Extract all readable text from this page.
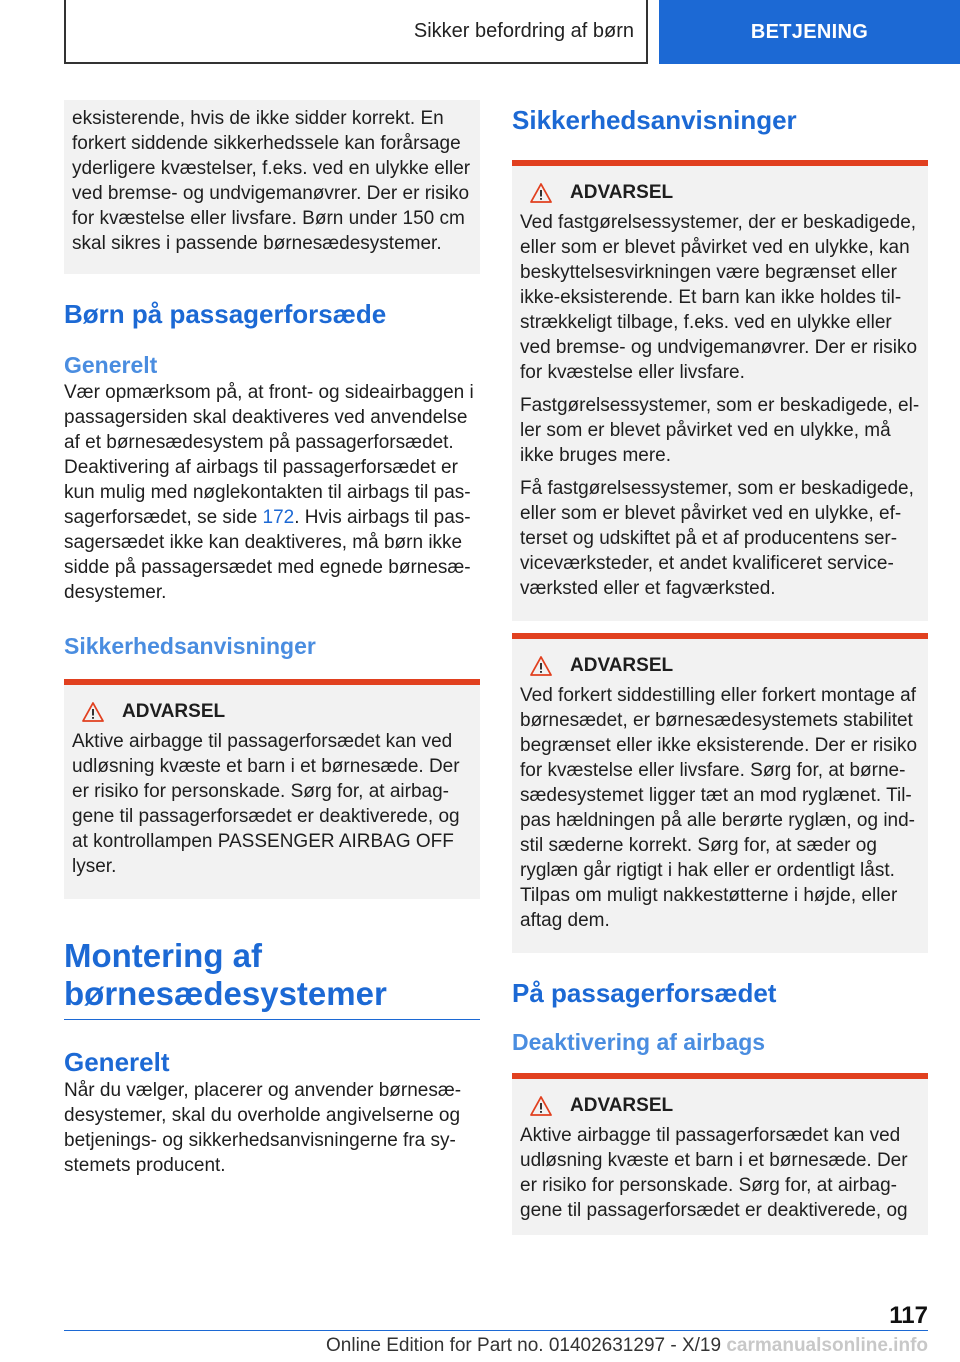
Sikker befordring af børn	BETJENING

eksisterende, hvis de ikke sidder korrekt. En forkert siddende sikkerhedssele kan forårsage yderligere kvæstelser, f.eks. ved en ulykke eller ved bremse- og undvigemanøvrer. Der er risiko for kvæstelse eller livsfare. Børn under 150 cm skal sikres i passende børnesædesystemer.

Børn på passagerforsæde
Generelt

Vær opmærksom på, at front- og sideairbaggen i passagersiden skal deaktiveres ved anvendelse af et børnesædesystem på passagerforsædet. Deaktivering af airbags til passagerforsædet er kun mulig med nøglekontakten til airbags til pas-sagerforsædet, se side 172. Hvis airbags til pas-sagersædet ikke kan deaktiveres, må børn ikke sidde på passagersædet med egnede børnesæ-desystemer.

Sikkerhedsanvisninger
ADVARSEL

Aktive airbagge til passagerforsædet kan ved udløsning kvæste et barn i et børnesæde. Der er risiko for personskade. Sørg for, at airbag-gene til passagerforsædet er deaktiverede, og at kontrollampen PASSENGER AIRBAG OFF lyser.

Montering af børnesædesystemer
Generelt

Når du vælger, placerer og anvender børnesæ-desystemer, skal du overholde angivelserne og betjenings- og sikkerhedsanvisningerne fra sy-stemets producent.

Sikkerhedsanvisninger
ADVARSEL

Ved fastgørelsessystemer, der er beskadigede, eller som er blevet påvirket ved en ulykke, kan beskyttelsesvirkningen være begrænset eller ikke-eksisterende. Et barn kan ikke holdes til-strækkeligt tilbage, f.eks. ved en ulykke eller ved bremse- og undvigemanøvrer. Der er risiko for kvæstelse eller livsfare.

Fastgørelsessystemer, som er beskadigede, el-ler som er blevet påvirket ved en ulykke, må ikke bruges mere.

Få fastgørelsessystemer, som er beskadigede, eller som er blevet påvirket ved en ulykke, ef-terset og udskiftet på et af producentens ser-viceværksteder, et andet kvalificeret service-værksted eller et fagværksted.

ADVARSEL

Ved forkert siddestilling eller forkert montage af børnesædet, er børnesædesystemets stabilitet begrænset eller ikke eksisterende. Der er risiko for kvæstelse eller livsfare. Sørg for, at børne-sædesystemet ligger tæt an mod ryglænet. Til-pas hældningen på alle berørte ryglæn, og ind-stil sæderne korrekt. Sørg for, at sæder og ryglæn går rigtigt i hak eller er ordentligt låst. Tilpas om muligt nakkestøtterne i højde, eller aftag dem.

På passagerforsædet
Deaktivering af airbags
ADVARSEL

Aktive airbagge til passagerforsædet kan ved udløsning kvæste et barn i et børnesæde. Der er risiko for personskade. Sørg for, at airbag-gene til passagerforsædet er deaktiverede, og

117
Online Edition for Part no. 01402631297 - X/19 carmanualsonline.info
